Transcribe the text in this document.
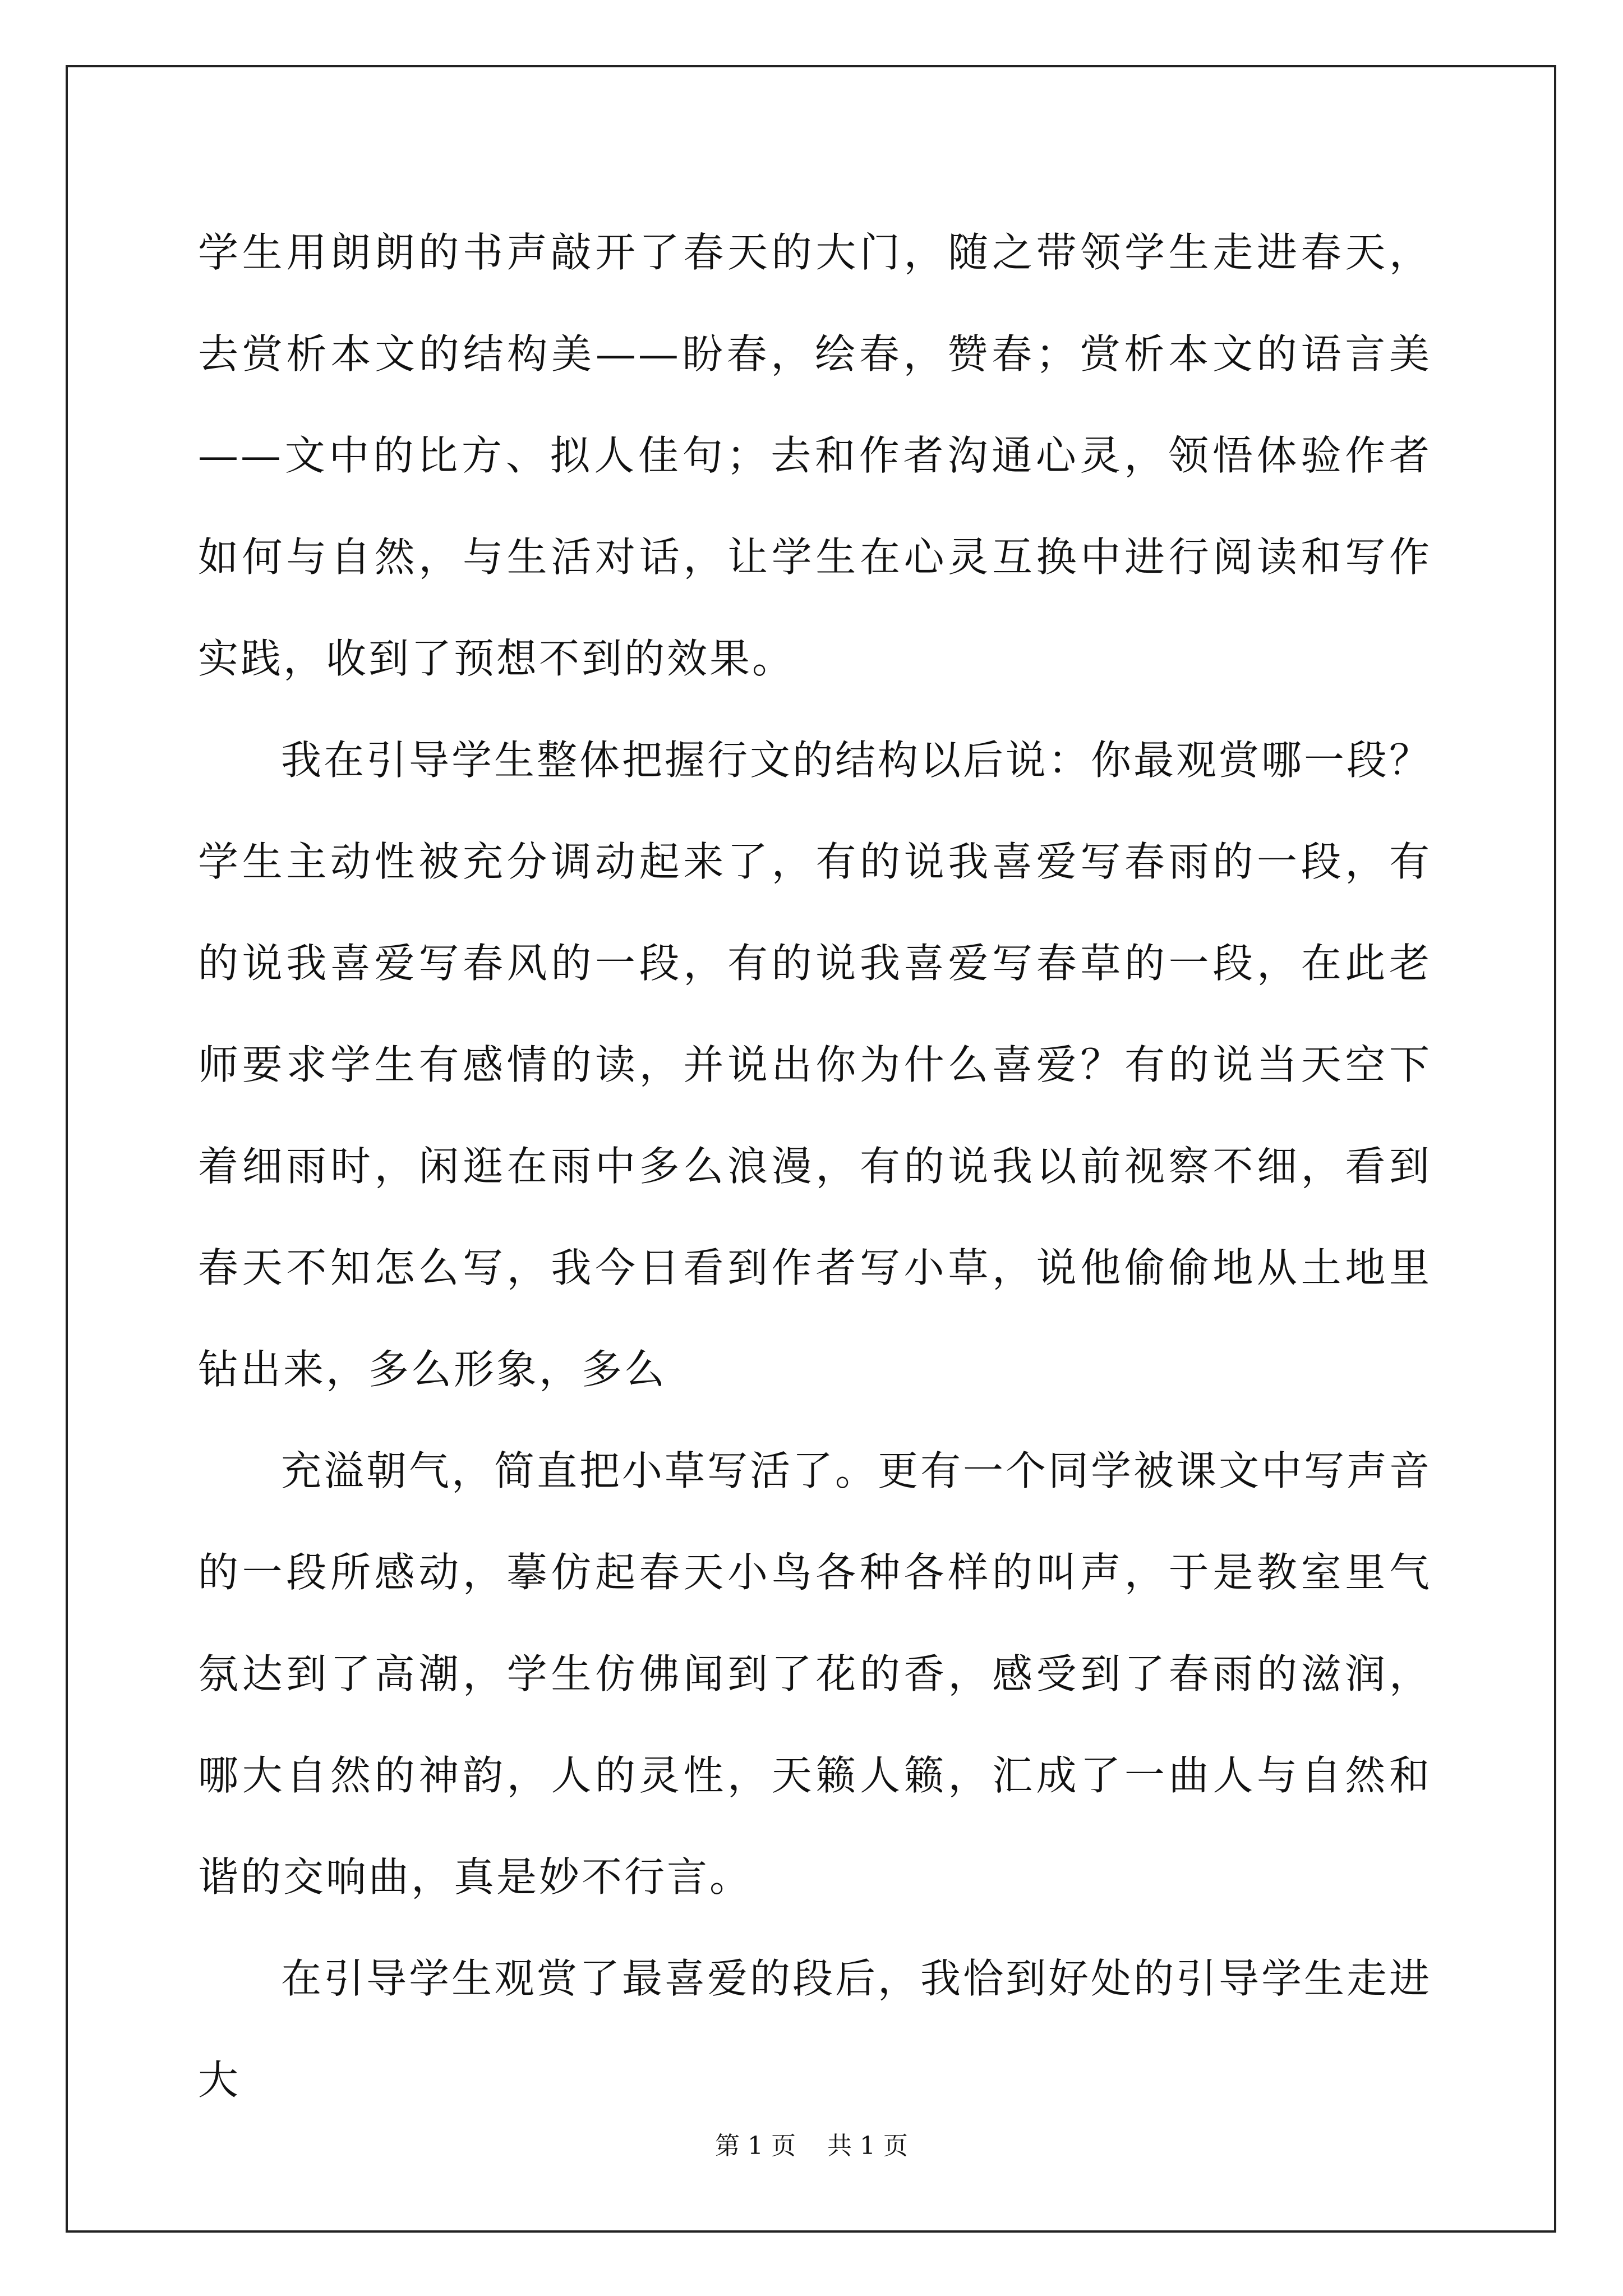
学生用朗朗的书声敲开了春天的大门，随之带领学生走进春天，去赏析本文的结构美——盼春，绘春，赞春；赏析本文的语言美——文中的比方、拟人佳句；去和作者沟通心灵，领悟体验作者如何与自然，与生活对话，让学生在心灵互换中进行阅读和写作实践，收到了预想不到的效果。

我在引导学生整体把握行文的结构以后说：你最观赏哪一段？学生主动性被充分调动起来了，有的说我喜爱写春雨的一段，有的说我喜爱写春风的一段，有的说我喜爱写春草的一段，在此老师要求学生有感情的读，并说出你为什么喜爱？有的说当天空下着细雨时，闲逛在雨中多么浪漫，有的说我以前视察不细，看到春天不知怎么写，我今日看到作者写小草，说他偷偷地从土地里钻出来，多么形象，多么

充溢朝气，简直把小草写活了。更有一个同学被课文中写声音的一段所感动，摹仿起春天小鸟各种各样的叫声，于是教室里气氛达到了高潮，学生仿佛闻到了花的香，感受到了春雨的滋润，哪大自然的神韵，人的灵性，天籁人籁，汇成了一曲人与自然和谐的交响曲，真是妙不行言。

在引导学生观赏了最喜爱的段后，我恰到好处的引导学生走进大

第 1 页    共 1 页
